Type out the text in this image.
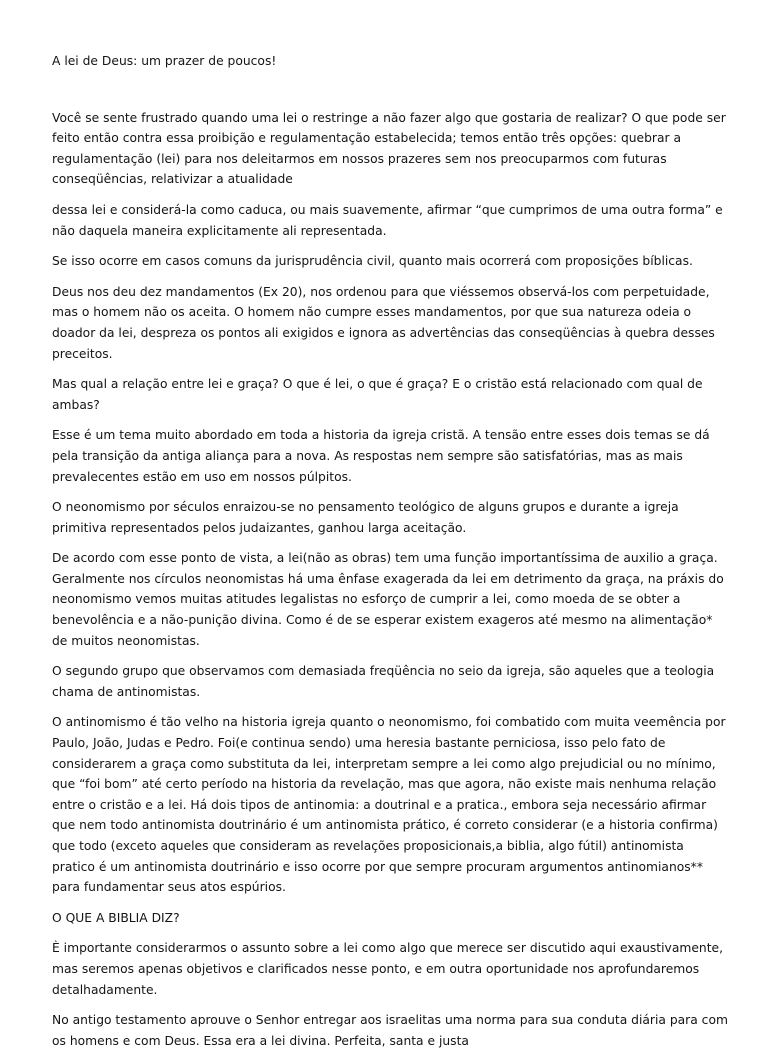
A lei de Deus: um prazer de poucos!

Você se sente frustrado quando uma lei o restringe a não fazer algo que gostaria de realizar? O que pode ser feito então contra essa proibição e regulamentação estabelecida; temos então três opções: quebrar a regulamentação (lei) para nos deleitarmos em nossos prazeres sem nos preocuparmos com futuras conseqüências, relativizar a atualidade

dessa lei e considerá-la como caduca, ou mais suavemente, afirmar “que cumprimos de uma outra forma” e não daquela maneira explicitamente ali representada.

Se isso ocorre em casos comuns da jurisprudência civil, quanto mais ocorrerá com proposições bíblicas.

Deus nos deu dez mandamentos (Ex 20), nos ordenou para que viéssemos observá-los com perpetuidade, mas o homem não os aceita. O homem não cumpre esses mandamentos, por que sua natureza odeia o doador da lei, despreza os pontos ali exigidos e ignora as advertências das conseqüências à quebra desses preceitos.

Mas qual a relação entre lei e graça? O que é lei, o que é graça? E o cristão está relacionado com qual de ambas?

Esse é um tema muito abordado em toda a historia da igreja cristã. A tensão entre esses dois temas se dá pela transição da antiga aliança para a nova. As respostas nem sempre são satisfatórias, mas as mais prevalecentes estão em uso em nossos púlpitos.

O neonomismo por séculos enraizou-se no pensamento teológico de alguns grupos e durante a igreja primitiva representados pelos judaizantes, ganhou larga aceitação.

De acordo com esse ponto de vista, a lei(não as obras) tem uma função importantíssima de auxilio a graça. Geralmente nos círculos neonomistas há uma ênfase exagerada da lei em detrimento da graça, na práxis do neonomismo vemos muitas atitudes legalistas no esforço de cumprir a lei, como moeda de se obter a benevolência e a não-punição divina. Como é de se esperar existem exageros até mesmo na alimentação* de muitos neonomistas.

O segundo grupo que observamos com demasiada freqüência no seio da igreja, são aqueles que a teologia chama de antinomistas.

O antinomismo é tão velho na historia igreja quanto o neonomismo, foi combatido com muita veemência por Paulo, João, Judas e Pedro. Foi(e continua sendo) uma heresia bastante perniciosa, isso pelo fato de considerarem a graça como substituta da lei, interpretam sempre a lei como algo prejudicial ou no mínimo, que “foi bom” até certo período na historia da revelação, mas que agora, não existe mais nenhuma relação entre o cristão e a lei. Há dois tipos de antinomia: a doutrinal e a pratica., embora seja necessário afirmar que nem todo antinomista doutrinário é um antinomista prático, é correto considerar (e a historia confirma) que todo (exceto aqueles que consideram as revelações proposicionais,a biblia, algo fútil) antinomista pratico é um antinomista doutrinário e isso ocorre por que sempre procuram argumentos antinomianos** para fundamentar seus atos espúrios.

O QUE A BIBLIA DIZ?

È importante considerarmos o assunto sobre a lei como algo que merece ser discutido aqui exaustivamente, mas seremos apenas objetivos e clarificados nesse ponto, e em outra oportunidade nos aprofundaremos detalhadamente.

No antigo testamento aprouve o Senhor entregar aos israelitas uma norma para sua conduta diária para com os homens e com Deus. Essa era a lei divina. Perfeita, santa e justa
